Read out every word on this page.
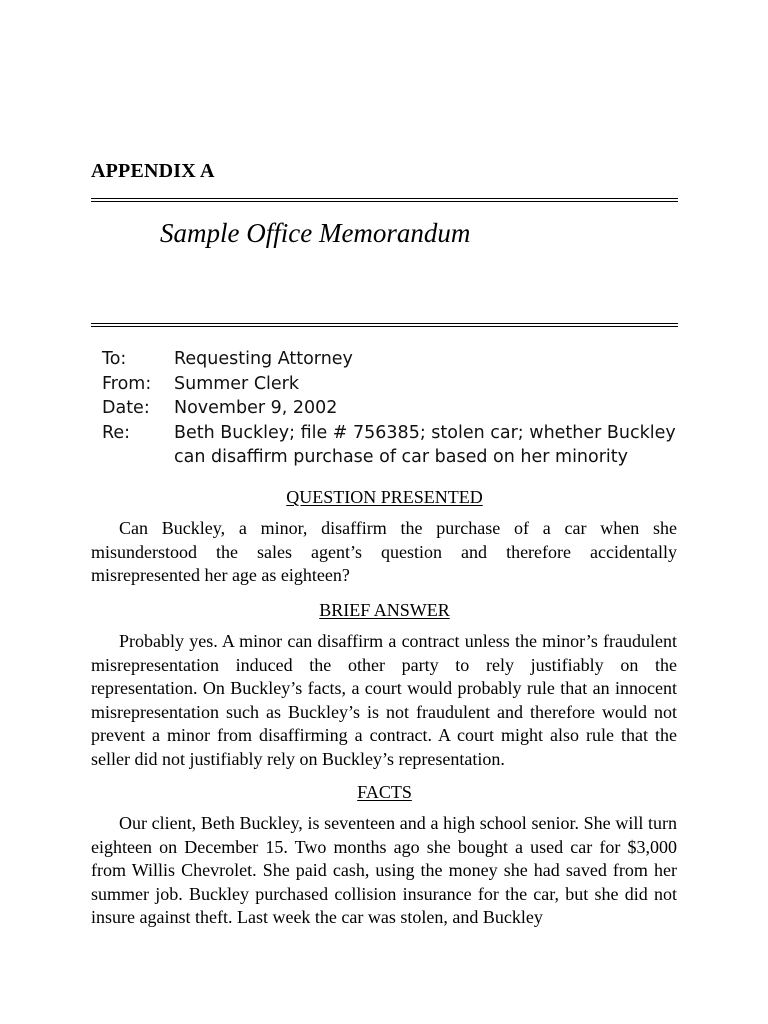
APPENDIX A
Sample Office Memorandum
To:	Requesting Attorney
From:	Summer Clerk
Date:	November 9, 2002
Re:	Beth Buckley; file # 756385; stolen car; whether Buckley can disaffirm purchase of car based on her minority
QUESTION PRESENTED

Can Buckley, a minor, disaffirm the purchase of a car when she misunderstood the sales agent’s question and therefore accidentally misrepresented her age as eighteen?

BRIEF ANSWER

Probably yes. A minor can disaffirm a contract unless the minor’s fraudulent misrepresentation induced the other party to rely justifiably on the representation. On Buckley’s facts, a court would probably rule that an innocent misrepresentation such as Buckley’s is not fraudulent and therefore would not prevent a minor from disaffirming a contract. A court might also rule that the seller did not justifiably rely on Buckley’s representation.

FACTS

Our client, Beth Buckley, is seventeen and a high school senior. She will turn eighteen on December 15. Two months ago she bought a used car for $3,000 from Willis Chevrolet. She paid cash, using the money she had saved from her summer job. Buckley purchased collision insurance for the car, but she did not insure against theft. Last week the car was stolen, and Buckley
